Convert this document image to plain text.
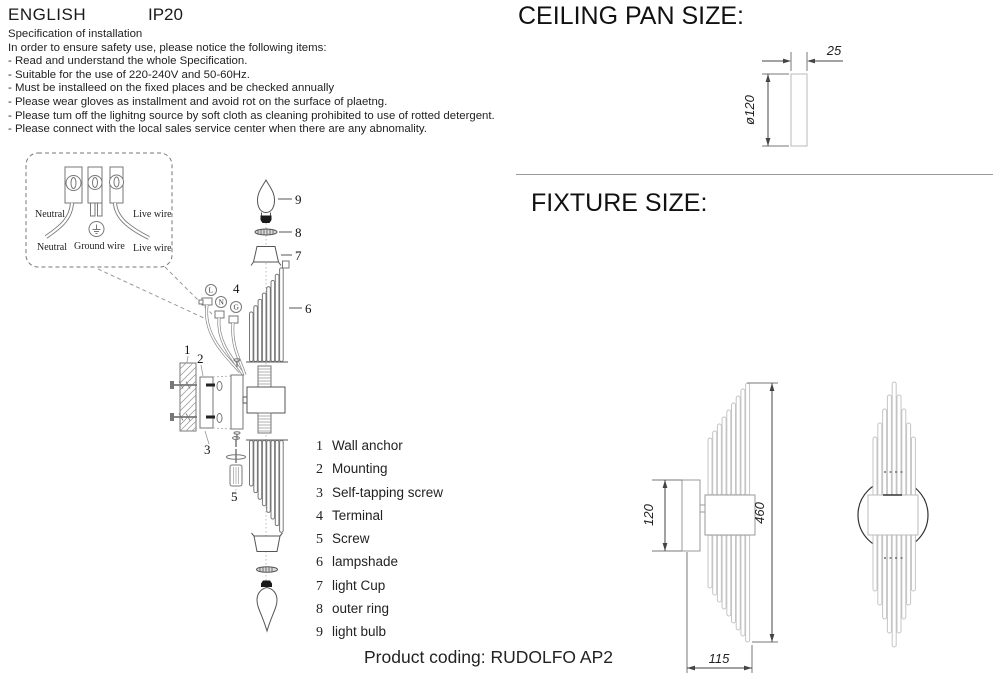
ENGLISH	IP20
Specification of installation
In order to ensure safety use, please notice the following items:
- Read and understand the whole Specification.
- Suitable for the use of 220-240V and 50-60Hz.
- Must be installeed on the fixed places and be checked annually
- Please wear gloves as installment and avoid rot on the surface of plaetng.
- Please tum off the lighitng source by soft cloth as cleaning prohibited to use of rotted detergent.
- Please connect with the local sales service center when there are any abnomality.
Neutral	Live wire
Neutral Ground wire Live wire
9
8
7
6
L
N
G
4
1
2
3
5
1 Wall anchor
2 Mounting
3 Self-tapping screw
4 Terminal
5 Screw
6 lampshade
7 light Cup
8 outer ring
9 light bulb
CEILING PAN SIZE:
FIXTURE SIZE:
25
ø120
120	460
115
Product coding: RUDOLFO AP2
